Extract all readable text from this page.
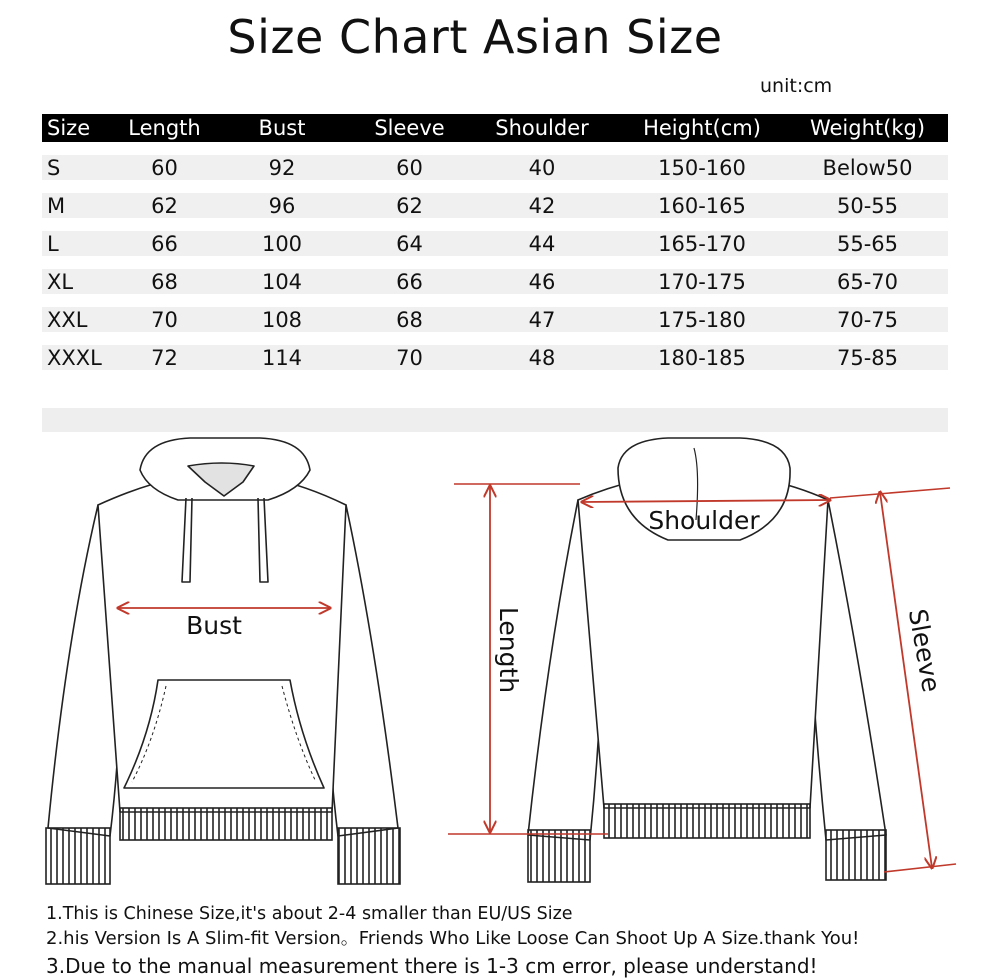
Size Chart Asian Size
unit:cm
Size	Length	Bust	Sleeve	Shoulder	Height(cm)	Weight(kg)
S	60	92	60	40	150-160	Below50
M	62	96	62	42	160-165	50-55
L	66	100	64	44	165-170	55-65
XL	68	104	66	46	170-175	65-70
XXL	70	108	68	47	175-180	70-75
XXXL	72	114	70	48	180-185	75-85
Bust
Shoulder
Length	Sleeve

1.This is Chinese Size,it's about 2-4 smaller than EU/US Size

2.his Version Is A Slim-fit Version。Friends Who Like Loose Can Shoot Up A Size.thank You!

3.Due to the manual measurement there is 1-3 cm error, please understand!
